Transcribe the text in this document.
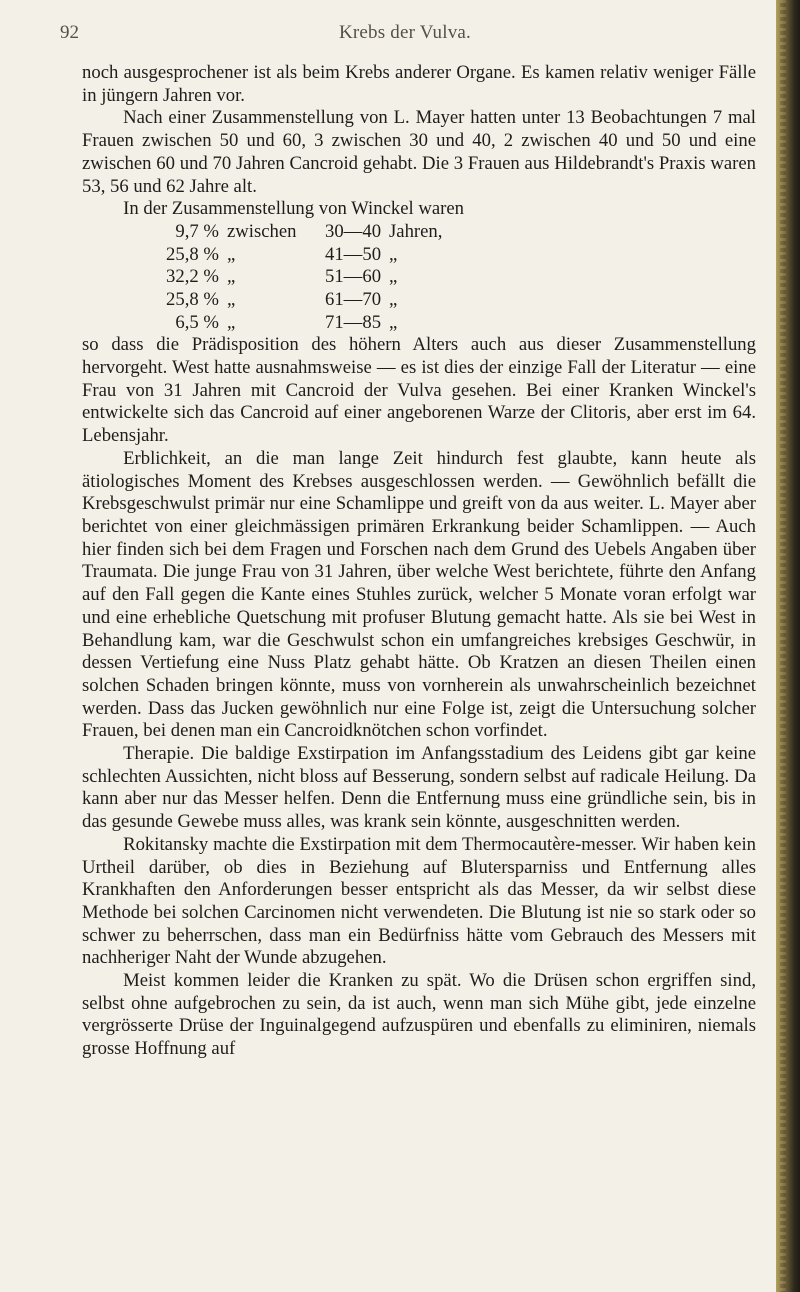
92	Krebs der Vulva.

noch ausgesprochener ist als beim Krebs anderer Organe. Es kamen relativ weniger Fälle in jüngern Jahren vor.

Nach einer Zusammenstellung von L. Mayer hatten unter 13 Beobachtungen 7 mal Frauen zwischen 50 und 60, 3 zwischen 30 und 40, 2 zwischen 40 und 50 und eine zwischen 60 und 70 Jahren Cancroid gehabt. Die 3 Frauen aus Hildebrandt's Praxis waren 53, 56 und 62 Jahre alt.

In der Zusammenstellung von Winckel waren

9,7 % zwischen	30—40 Jahren,
25,8 % „	41—50 „
32,2 % „	51—60 „
25,8 % „	61—70 „
6,5 % „	71—85 „

so dass die Prädisposition des höhern Alters auch aus dieser Zusammenstellung hervorgeht. West hatte ausnahmsweise — es ist dies der einzige Fall der Literatur — eine Frau von 31 Jahren mit Cancroid der Vulva gesehen. Bei einer Kranken Winckel's entwickelte sich das Cancroid auf einer angeborenen Warze der Clitoris, aber erst im 64. Lebensjahr.

Erblichkeit, an die man lange Zeit hindurch fest glaubte, kann heute als ätiologisches Moment des Krebses ausgeschlossen werden. — Gewöhnlich befällt die Krebsgeschwulst primär nur eine Schamlippe und greift von da aus weiter. L. Mayer aber berichtet von einer gleichmässigen primären Erkrankung beider Schamlippen. — Auch hier finden sich bei dem Fragen und Forschen nach dem Grund des Uebels Angaben über Traumata. Die junge Frau von 31 Jahren, über welche West berichtete, führte den Anfang auf den Fall gegen die Kante eines Stuhles zurück, welcher 5 Monate voran erfolgt war und eine erhebliche Quetschung mit profuser Blutung gemacht hatte. Als sie bei West in Behandlung kam, war die Geschwulst schon ein umfangreiches krebsiges Geschwür, in dessen Vertiefung eine Nuss Platz gehabt hätte. Ob Kratzen an diesen Theilen einen solchen Schaden bringen könnte, muss von vornherein als unwahrscheinlich bezeichnet werden. Dass das Jucken gewöhnlich nur eine Folge ist, zeigt die Untersuchung solcher Frauen, bei denen man ein Cancroidknötchen schon vorfindet.

Therapie. Die baldige Exstirpation im Anfangsstadium des Leidens gibt gar keine schlechten Aussichten, nicht bloss auf Besserung, sondern selbst auf radicale Heilung. Da kann aber nur das Messer helfen. Denn die Entfernung muss eine gründliche sein, bis in das gesunde Gewebe muss alles, was krank sein könnte, ausgeschnitten werden.

Rokitansky machte die Exstirpation mit dem Thermocautère-messer. Wir haben kein Urtheil darüber, ob dies in Beziehung auf Blutersparniss und Entfernung alles Krankhaften den Anforderungen besser entspricht als das Messer, da wir selbst diese Methode bei solchen Carcinomen nicht verwendeten. Die Blutung ist nie so stark oder so schwer zu beherrschen, dass man ein Bedürfniss hätte vom Gebrauch des Messers mit nachheriger Naht der Wunde abzugehen.

Meist kommen leider die Kranken zu spät. Wo die Drüsen schon ergriffen sind, selbst ohne aufgebrochen zu sein, da ist auch, wenn man sich Mühe gibt, jede einzelne vergrösserte Drüse der Inguinalgegend aufzuspüren und ebenfalls zu eliminiren, niemals grosse Hoffnung auf
